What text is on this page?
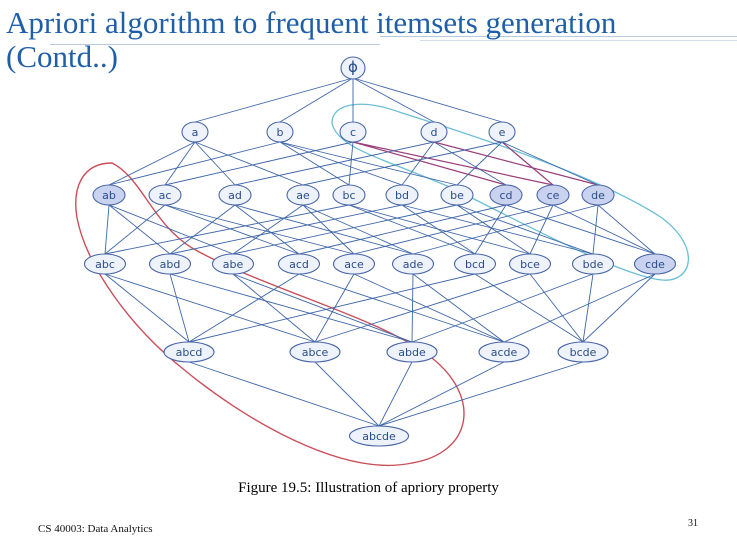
Apriori algorithm to frequent itemsets generation (Contd..)	ϕ
a	b	c	d	e
ab	ac	ad	ae	bc	bd	be	cd	ce	de
abc	abd	abe	acd	ace	ade	bcd	bce	bde	cde
abcd	abce	abde	acde	bcde
abcde
Figure 19.5: Illustration of apriory property
CS 40003: Data Analytics	31
